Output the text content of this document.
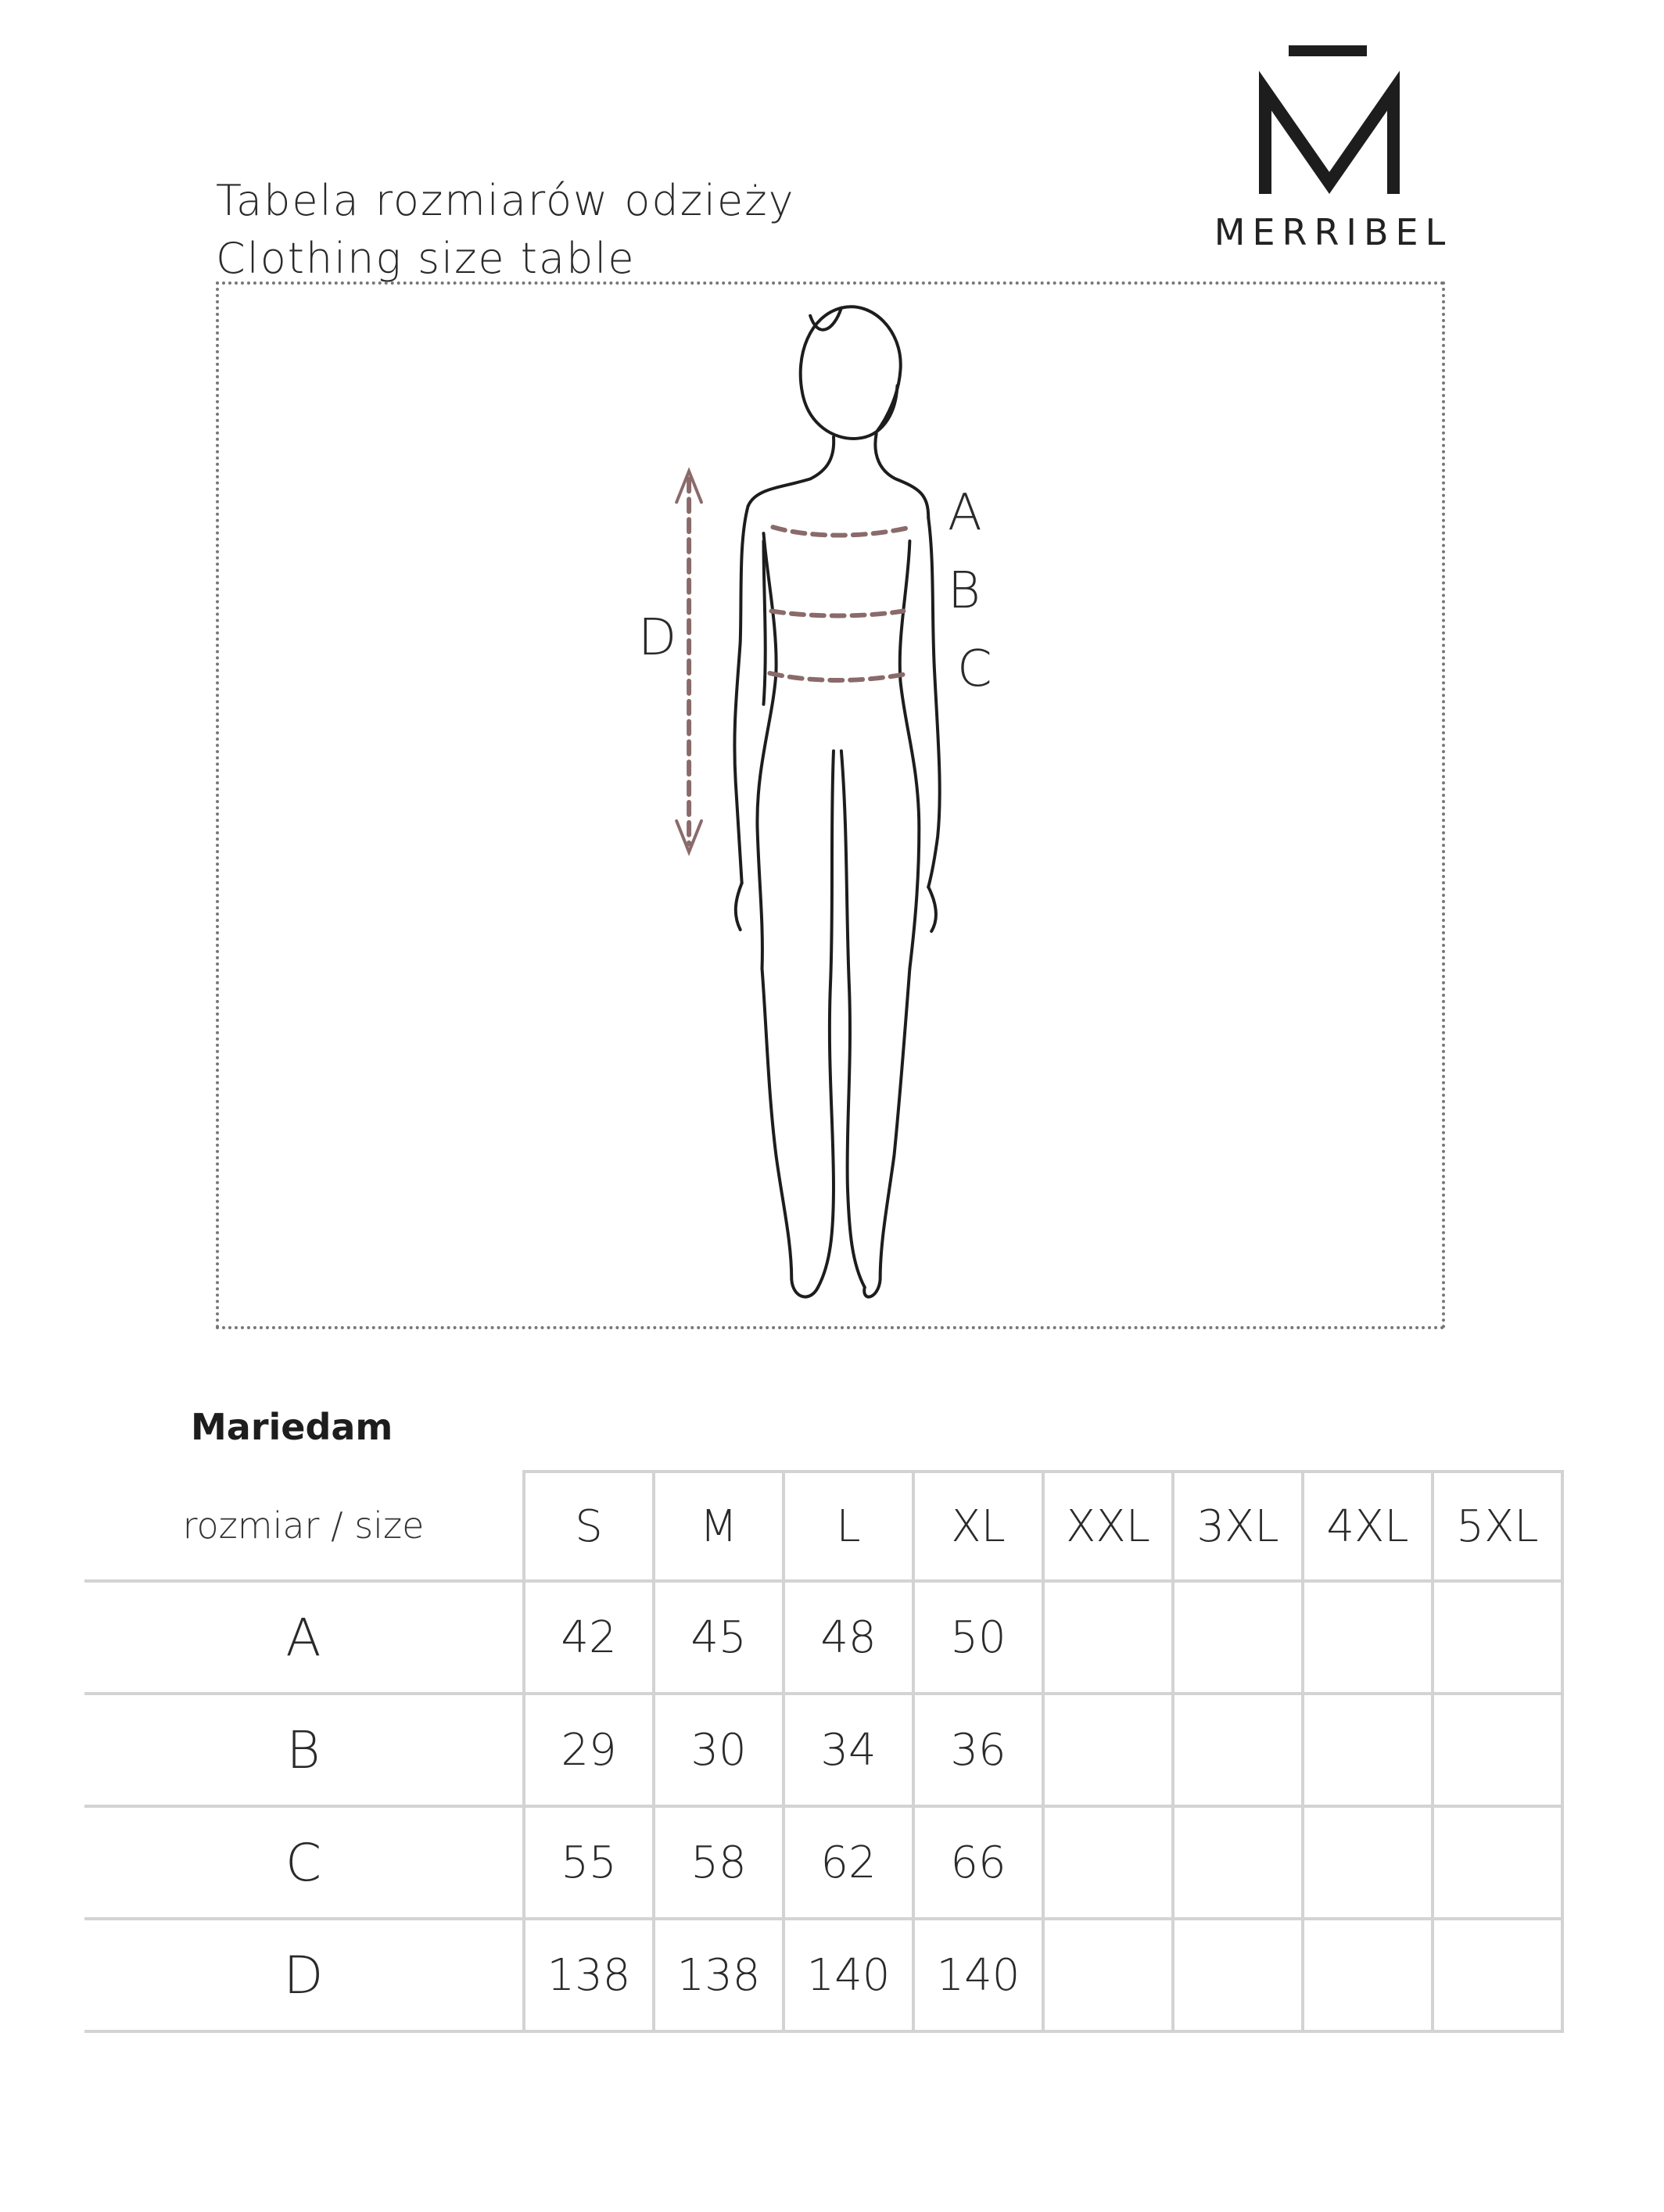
Tabela rozmiarów odzieży
Clothing size table
MERRIBEL
A
B
C
D
Mariedam
rozmiar / size	S	M	L	XL	XXL	3XL	4XL	5XL
A	42	45	48	50				
B	29	30	34	36				
C	55	58	62	66				
D	138	138	140	140				
